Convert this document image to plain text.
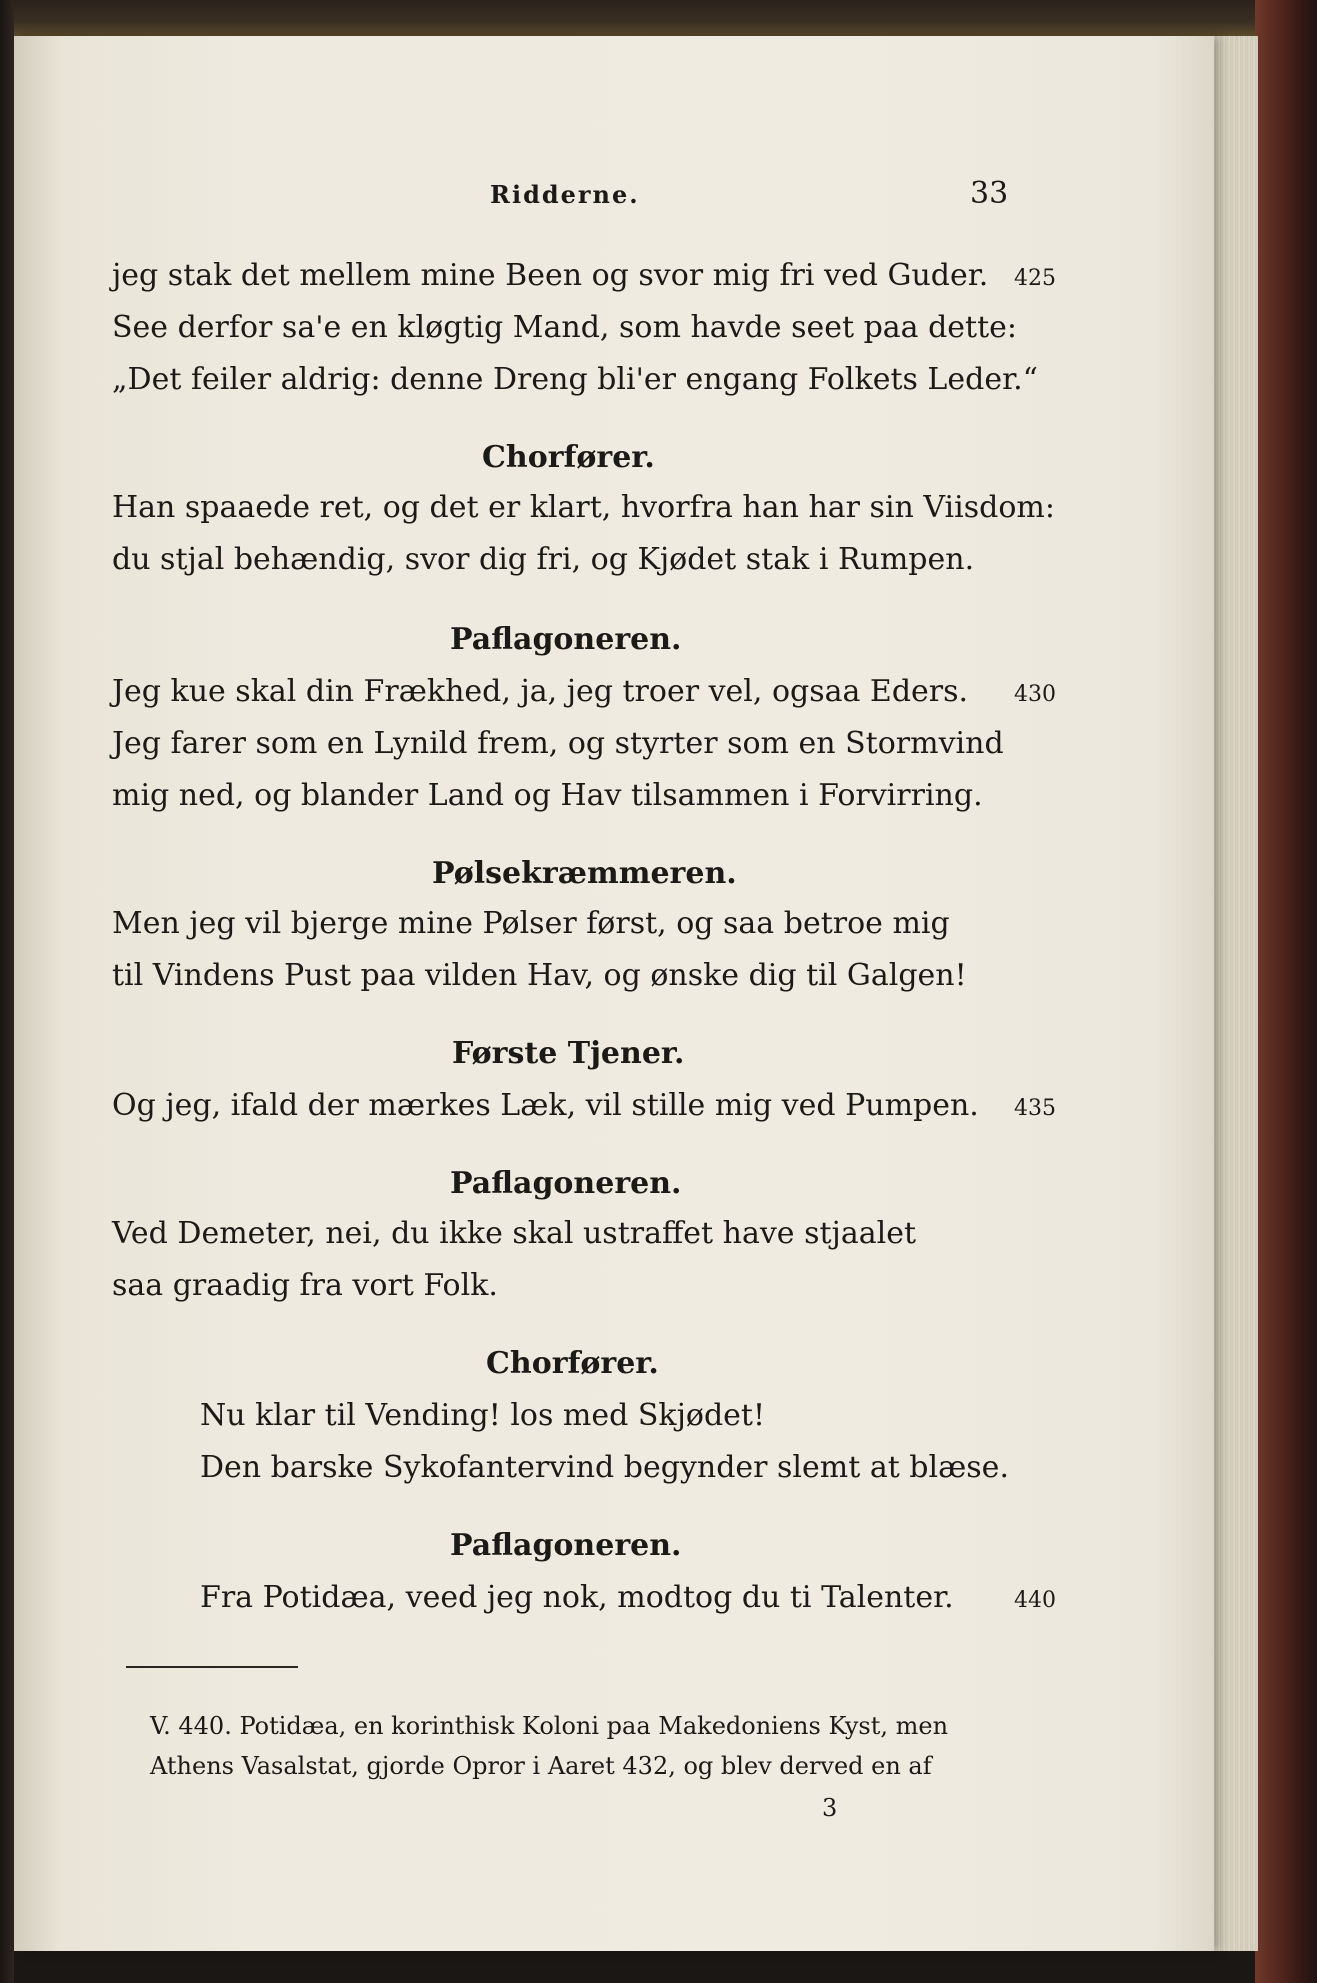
Ridderne.	33
jeg stak det mellem mine Been og svor mig fri ved Guder. 425
See derfor sa'e en kløgtig Mand, som havde seet paa dette:
„Det feiler aldrig: denne Dreng bli'er engang Folkets Leder.“
Chorfører.
Han spaaede ret, og det er klart, hvorfra han har sin Viisdom:
du stjal behændig, svor dig fri, og Kjødet stak i Rumpen.
Paflagoneren.
Jeg kue skal din Frækhed, ja, jeg troer vel, ogsaa Eders. 430
Jeg farer som en Lynild frem, og styrter som en Stormvind
mig ned, og blander Land og Hav tilsammen i Forvirring.
Pølsekræmmeren.
Men jeg vil bjerge mine Pølser først, og saa betroe mig
til Vindens Pust paa vilden Hav, og ønske dig til Galgen!
Første Tjener.
Og jeg, ifald der mærkes Læk, vil stille mig ved Pumpen. 435
Paflagoneren.
Ved Demeter, nei, du ikke skal ustraffet have stjaalet
saa graadig fra vort Folk.
Chorfører.
Nu klar til Vending! los med Skjødet!
Den barske Sykofantervind begynder slemt at blæse.
Paflagoneren.
Fra Potidæa, veed jeg nok, modtog du ti Talenter.	440
V. 440. Potidæa, en korinthisk Koloni paa Makedoniens Kyst, men
Athens Vasalstat, gjorde Opror i Aaret 432, og blev derved en af
3
